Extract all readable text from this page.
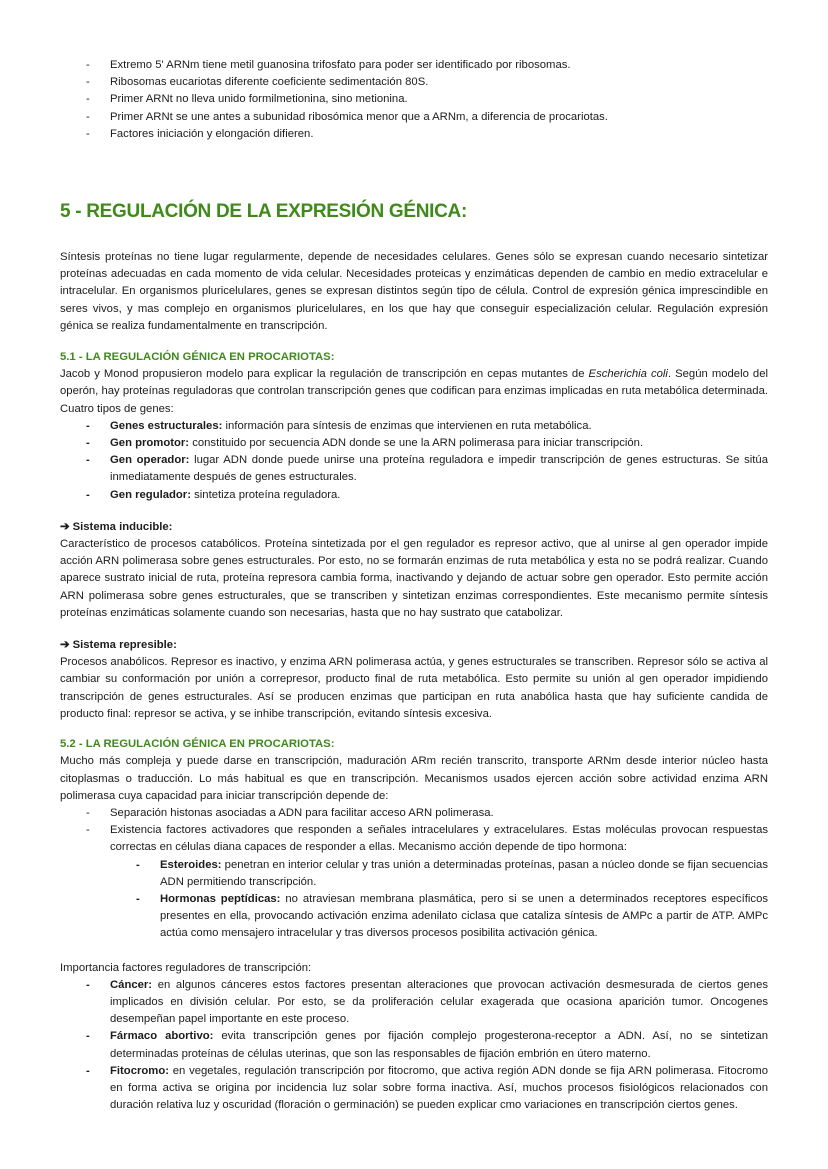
- Extremo 5' ARNm tiene metil guanosina trifosfato para poder ser identificado por ribosomas.
- Ribosomas eucariotas diferente coeficiente sedimentación 80S.
- Primer ARNt no lleva unido formilmetionina, sino metionina.
- Primer ARNt se une antes a subunidad ribosómica menor que a ARNm, a diferencia de procariotas.
- Factores iniciación y elongación difieren.
5 - REGULACIÓN DE LA EXPRESIÓN GÉNICA:

Síntesis proteínas no tiene lugar regularmente, depende de necesidades celulares. Genes sólo se expresan cuando necesario sintetizar proteínas adecuadas en cada momento de vida celular. Necesidades proteicas y enzimáticas dependen de cambio en medio extracelular e intracelular. En organismos pluricelulares, genes se expresan distintos según tipo de célula. Control de expresión génica imprescindible en seres vivos, y mas complejo en organismos pluricelulares, en los que hay que conseguir especialización celular. Regulación expresión génica se realiza fundamentalmente en transcripción.

5.1 - LA REGULACIÓN GÉNICA EN PROCARIOTAS:

Jacob y Monod propusieron modelo para explicar la regulación de transcripción en cepas mutantes de Escherichia coli. Según modelo del operón, hay proteínas reguladoras que controlan transcripción genes que codifican para enzimas implicadas en ruta metabólica determinada. Cuatro tipos de genes:

- Genes estructurales: información para síntesis de enzimas que intervienen en ruta metabólica.
- Gen promotor: constituido por secuencia ADN donde se une la ARN polimerasa para iniciar transcripción.
- Gen operador: lugar ADN donde puede unirse una proteína reguladora e impedir transcripción de genes estructuras. Se sitúa inmediatamente después de genes estructurales.
- Gen regulador: sintetiza proteína reguladora.
➔ Sistema inducible:

Característico de procesos catabólicos. Proteína sintetizada por el gen regulador es represor activo, que al unirse al gen operador impide acción ARN polimerasa sobre genes estructurales. Por esto, no se formarán enzimas de ruta metabólica y esta no se podrá realizar. Cuando aparece sustrato inicial de ruta, proteína represora cambia forma, inactivando y dejando de actuar sobre gen operador. Esto permite acción ARN polimerasa sobre genes estructurales, que se transcriben y sintetizan enzimas correspondientes. Este mecanismo permite síntesis proteínas enzimáticas solamente cuando son necesarias, hasta que no hay sustrato que catabolizar.

➔ Sistema represible:

Procesos anabólicos. Represor es inactivo, y enzima ARN polimerasa actúa, y genes estructurales se transcriben. Represor sólo se activa al cambiar su conformación por unión a correpresor, producto final de ruta metabólica. Esto permite su unión al gen operador impidiendo transcripción de genes estructurales. Así se producen enzimas que participan en ruta anabólica hasta que hay suficiente candida de producto final: represor se activa, y se inhibe transcripción, evitando síntesis excesiva.

5.2 - LA REGULACIÓN GÉNICA EN PROCARIOTAS:

Mucho más compleja y puede darse en transcripción, maduración ARm recién transcrito, transporte ARNm desde interior núcleo hasta citoplasmas o traducción. Lo más habitual es que en transcripción. Mecanismos usados ejercen acción sobre actividad enzima ARN polimerasa cuya capacidad para iniciar transcripción depende de:

- Separación histonas asociadas a ADN para facilitar acceso ARN polimerasa.
- Existencia factores activadores que responden a señales intracelulares y extracelulares. Estas moléculas provocan respuestas correctas en células diana capaces de responder a ellas. Mecanismo acción depende de tipo hormona:
- Esteroides: penetran en interior celular y tras unión a determinadas proteínas, pasan a núcleo donde se fijan secuencias ADN permitiendo transcripción.
- Hormonas peptídicas: no atraviesan membrana plasmática, pero si se unen a determinados receptores específicos presentes en ella, provocando activación enzima adenilato ciclasa que cataliza síntesis de AMPc a partir de ATP. AMPc actúa como mensajero intracelular y tras diversos procesos posibilita activación génica.

Importancia factores reguladores de transcripción:

- Cáncer: en algunos cánceres estos factores presentan alteraciones que provocan activación desmesurada de ciertos genes implicados en división celular. Por esto, se da proliferación celular exagerada que ocasiona aparición tumor. Oncogenes desempeñan papel importante en este proceso.
- Fármaco abortivo: evita transcripción genes por fijación complejo progesterona-receptor a ADN. Así, no se sintetizan determinadas proteínas de células uterinas, que son las responsables de fijación embrión en útero materno.
- Fitocromo: en vegetales, regulación transcripción por fitocromo, que activa región ADN donde se fija ARN polimerasa. Fitocromo en forma activa se origina por incidencia luz solar sobre forma inactiva. Así, muchos procesos fisiológicos relacionados con duración relativa luz y oscuridad (floración o germinación) se pueden explicar cmo variaciones en transcripción ciertos genes.
